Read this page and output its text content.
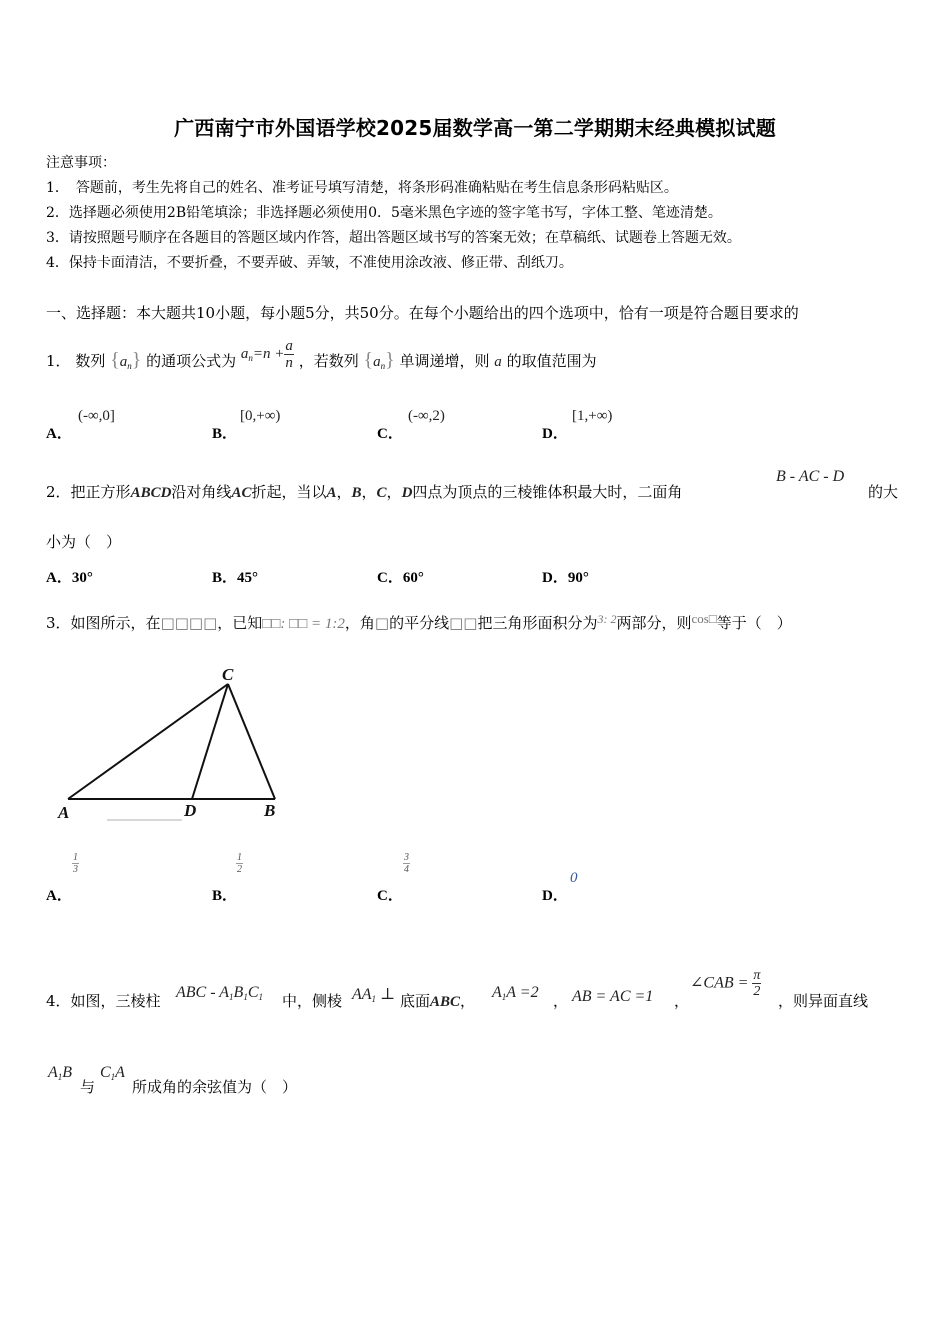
广西南宁市外国语学校2025届数学高一第二学期期末经典模拟试题
注意事项：
1．　答题前，考生先将自己的姓名、准考证号填写清楚，将条形码准确粘贴在考生信息条形码粘贴区。
2．选择题必须使用2B铅笔填涂；非选择题必须使用0．5毫米黑色字迹的签字笔书写，字体工整、笔迹清楚。
3．请按照题号顺序在各题目的答题区域内作答，超出答题区域书写的答案无效；在草稿纸、试题卷上答题无效。
4．保持卡面清洁，不要折叠，不要弄破、弄皱，不准使用涂改液、修正带、刮纸刀。
一、选择题：本大题共10小题，每小题5分，共50分。在每个小题给出的四个选项中，恰有一项是符合题目要求的
1． 数列 $\{a_n\}$ 的通项公式为 $a_n=n + \frac{a}{n}$ ，若数列 $\{a_n\}$ 单调递增，则 a 的取值范围为
A．
(-∞,0]
B．
[0,+∞)
C．
(-∞,2)
D．
[1,+∞)
2．把正方形ABCD沿对角线AC折起，当以A，B，C，D四点为顶点的三棱锥体积最大时，二面角
B - AC - D
的大
小为（　）
A．30°	B．45°	C．60°	D．90°
3．如图所示，在□□□□，已知□□: □□ = 1:2，角□的平分线□□把三角形面积分为$^{3: 2}$两部分，则cos□等于（　）
C
A	D	B
A．
$\frac{1}{3}$
B．
$\frac{1}{2}$
C．
$\frac{3}{4}$
D．
0
4．如图，三棱柱 ABC - $A_1B_1C_1$ 中，侧棱 $AA_1$ ⊥ 底面ABC， $A_1A =2$ ， AB = AC =1 ，
∠CAB = $\frac{\pi}{2}$
，则异面直线
$A_1B$
与
$C_1A$
所成角的余弦值为（　）
